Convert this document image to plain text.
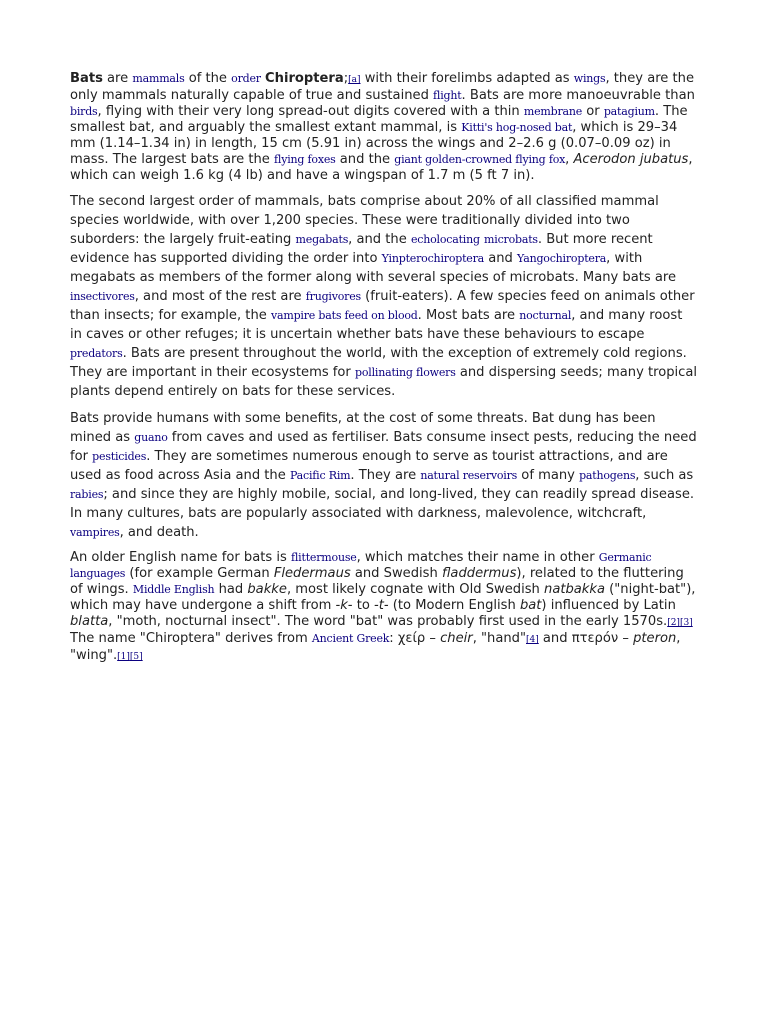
Bats are mammals of the order Chiroptera;[a] with their forelimbs adapted as wings, they are the only mammals naturally capable of true and sustained flight. Bats are more manoeuvrable than birds, flying with their very long spread-out digits covered with a thin membrane or patagium. The smallest bat, and arguably the smallest extant mammal, is Kitti's hog-nosed bat, which is 29–34 mm (1.14–1.34 in) in length, 15 cm (5.91 in) across the wings and 2–2.6 g (0.07–0.09 oz) in mass. The largest bats are the flying foxes and the giant golden-crowned flying fox, Acerodon jubatus, which can weigh 1.6 kg (4 lb) and have a wingspan of 1.7 m (5 ft 7 in).

The second largest order of mammals, bats comprise about 20% of all classified mammal species worldwide, with over 1,200 species. These were traditionally divided into two suborders: the largely fruit-eating megabats, and the echolocating microbats. But more recent evidence has supported dividing the order into Yinpterochiroptera and Yangochiroptera, with megabats as members of the former along with several species of microbats. Many bats are insectivores, and most of the rest are frugivores (fruit-eaters). A few species feed on animals other than insects; for example, the vampire bats feed on blood. Most bats are nocturnal, and many roost in caves or other refuges; it is uncertain whether bats have these behaviours to escape predators. Bats are present throughout the world, with the exception of extremely cold regions. They are important in their ecosystems for pollinating flowers and dispersing seeds; many tropical plants depend entirely on bats for these services.

Bats provide humans with some benefits, at the cost of some threats. Bat dung has been mined as guano from caves and used as fertiliser. Bats consume insect pests, reducing the need for pesticides. They are sometimes numerous enough to serve as tourist attractions, and are used as food across Asia and the Pacific Rim. They are natural reservoirs of many pathogens, such as rabies; and since they are highly mobile, social, and long-lived, they can readily spread disease. In many cultures, bats are popularly associated with darkness, malevolence, witchcraft, vampires, and death.

An older English name for bats is flittermouse, which matches their name in other Germanic languages (for example German Fledermaus and Swedish fladdermus), related to the fluttering of wings. Middle English had bakke, most likely cognate with Old Swedish natbakka ("night-bat"), which may have undergone a shift from -k- to -t- (to Modern English bat) influenced by Latin blatta, "moth, nocturnal insect". The word "bat" was probably first used in the early 1570s.[2][3] The name "Chiroptera" derives from Ancient Greek: χείρ – cheir, "hand"[4] and πτερόν – pteron, "wing".[1][5]
